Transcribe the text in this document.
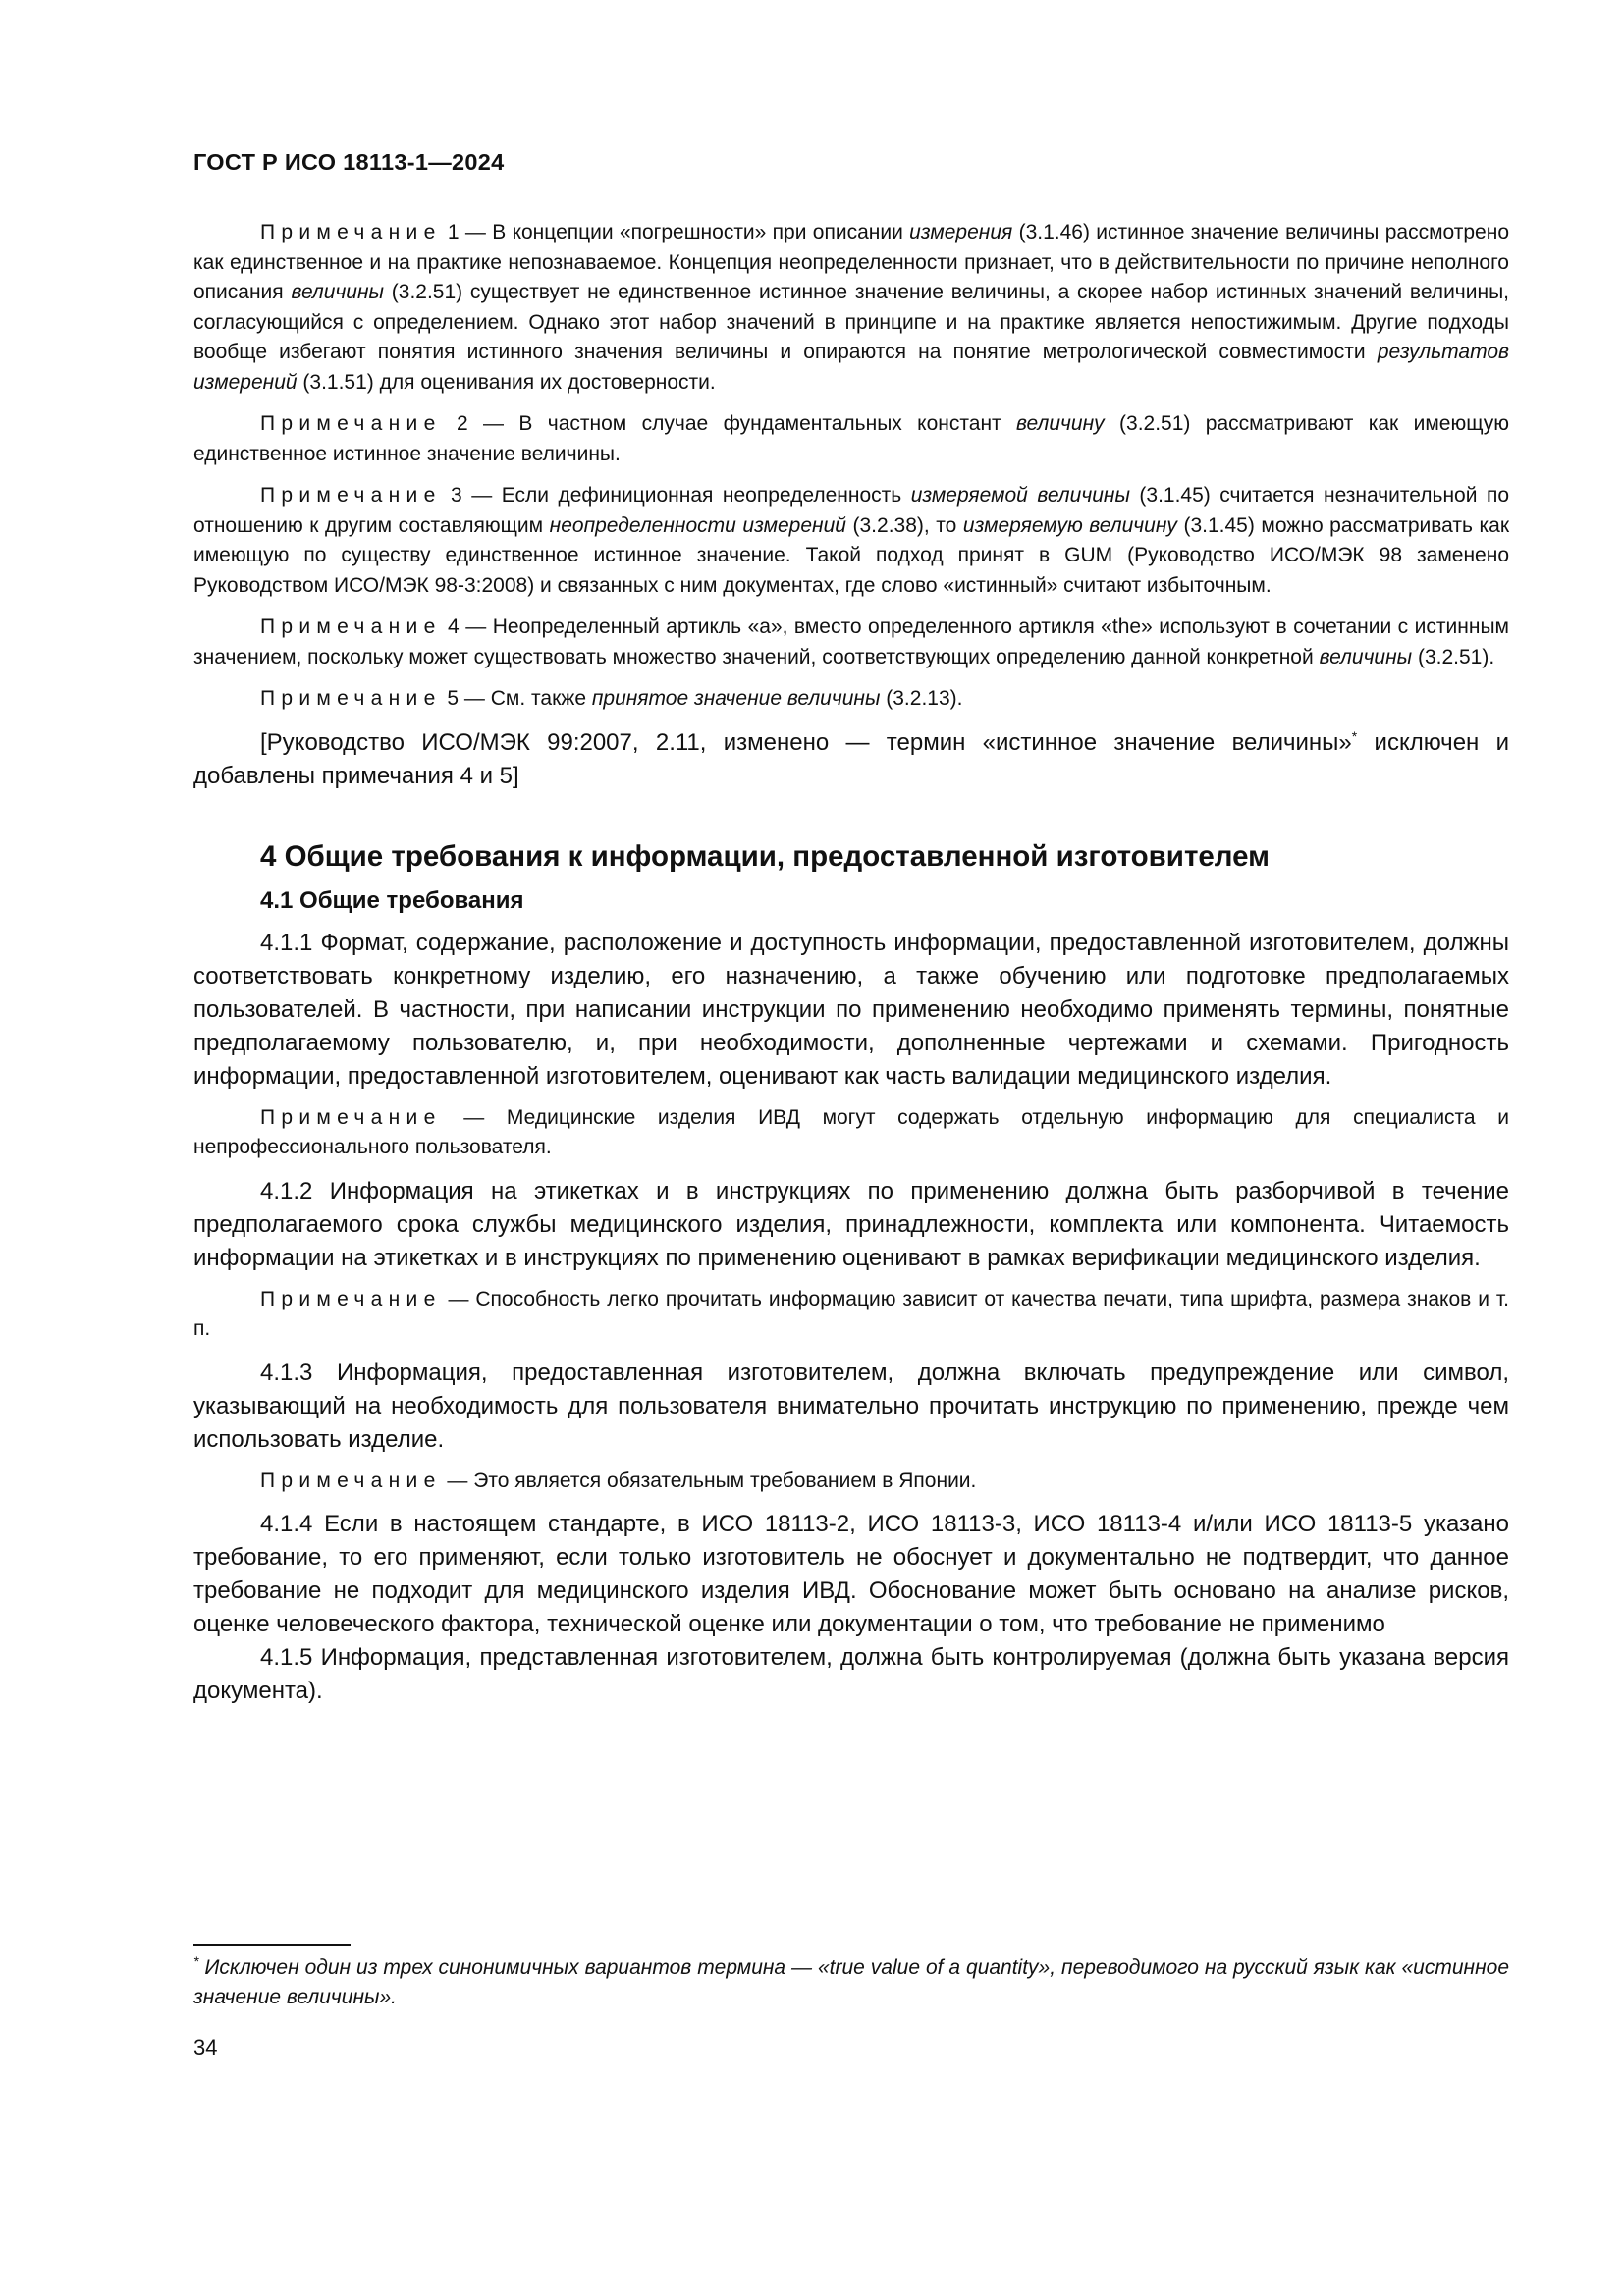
ГОСТ Р ИСО 18113-1—2024

Примечание 1 — В концепции «погрешности» при описании измерения (3.1.46) истинное значение величины рассмотрено как единственное и на практике непознаваемое. Концепция неопределенности признает, что в действительности по причине неполного описания величины (3.2.51) существует не единственное истинное значение величины, а скорее набор истинных значений величины, согласующийся с определением. Однако этот набор значений в принципе и на практике является непостижимым. Другие подходы вообще избегают понятия истинного значения величины и опираются на понятие метрологической совместимости результатов измерений (3.1.51) для оценивания их достоверности.

Примечание 2 — В частном случае фундаментальных констант величину (3.2.51) рассматривают как имеющую единственное истинное значение величины.

Примечание 3 — Если дефиниционная неопределенность измеряемой величины (3.1.45) считается незначительной по отношению к другим составляющим неопределенности измерений (3.2.38), то измеряемую величину (3.1.45) можно рассматривать как имеющую по существу единственное истинное значение. Такой подход принят в GUM (Руководство ИСО/МЭК 98 заменено Руководством ИСО/МЭК 98-3:2008) и связанных с ним документах, где слово «истинный» считают избыточным.

Примечание 4 — Неопределенный артикль «а», вместо определенного артикля «the» используют в сочетании с истинным значением, поскольку может существовать множество значений, соответствующих определению данной конкретной величины (3.2.51).

Примечание 5 — См. также принятое значение величины (3.2.13).

[Руководство ИСО/МЭК 99:2007, 2.11, изменено — термин «истинное значение величины»* исключен и добавлены примечания 4 и 5]

4 Общие требования к информации, предоставленной изготовителем
4.1 Общие требования

4.1.1 Формат, содержание, расположение и доступность информации, предоставленной изготовителем, должны соответствовать конкретному изделию, его назначению, а также обучению или подготовке предполагаемых пользователей. В частности, при написании инструкции по применению необходимо применять термины, понятные предполагаемому пользователю, и, при необходимости, дополненные чертежами и схемами. Пригодность информации, предоставленной изготовителем, оценивают как часть валидации медицинского изделия.

Примечание — Медицинские изделия ИВД могут содержать отдельную информацию для специалиста и непрофессионального пользователя.

4.1.2 Информация на этикетках и в инструкциях по применению должна быть разборчивой в течение предполагаемого срока службы медицинского изделия, принадлежности, комплекта или компонента. Читаемость информации на этикетках и в инструкциях по применению оценивают в рамках верификации медицинского изделия.

Примечание — Способность легко прочитать информацию зависит от качества печати, типа шрифта, размера знаков и т. п.

4.1.3 Информация, предоставленная изготовителем, должна включать предупреждение или символ, указывающий на необходимость для пользователя внимательно прочитать инструкцию по применению, прежде чем использовать изделие.

Примечание — Это является обязательным требованием в Японии.

4.1.4 Если в настоящем стандарте, в ИСО 18113-2, ИСО 18113-3, ИСО 18113-4 и/или ИСО 18113-5 указано требование, то его применяют, если только изготовитель не обоснует и документально не подтвердит, что данное требование не подходит для медицинского изделия ИВД. Обоснование может быть основано на анализе рисков, оценке человеческого фактора, технической оценке или документации о том, что требование не применимо

4.1.5 Информация, представленная изготовителем, должна быть контролируемая (должна быть указана версия документа).

* Исключен один из трех синонимичных вариантов термина — «true value of a quantity», переводимого на русский язык как «истинное значение величины».
34
